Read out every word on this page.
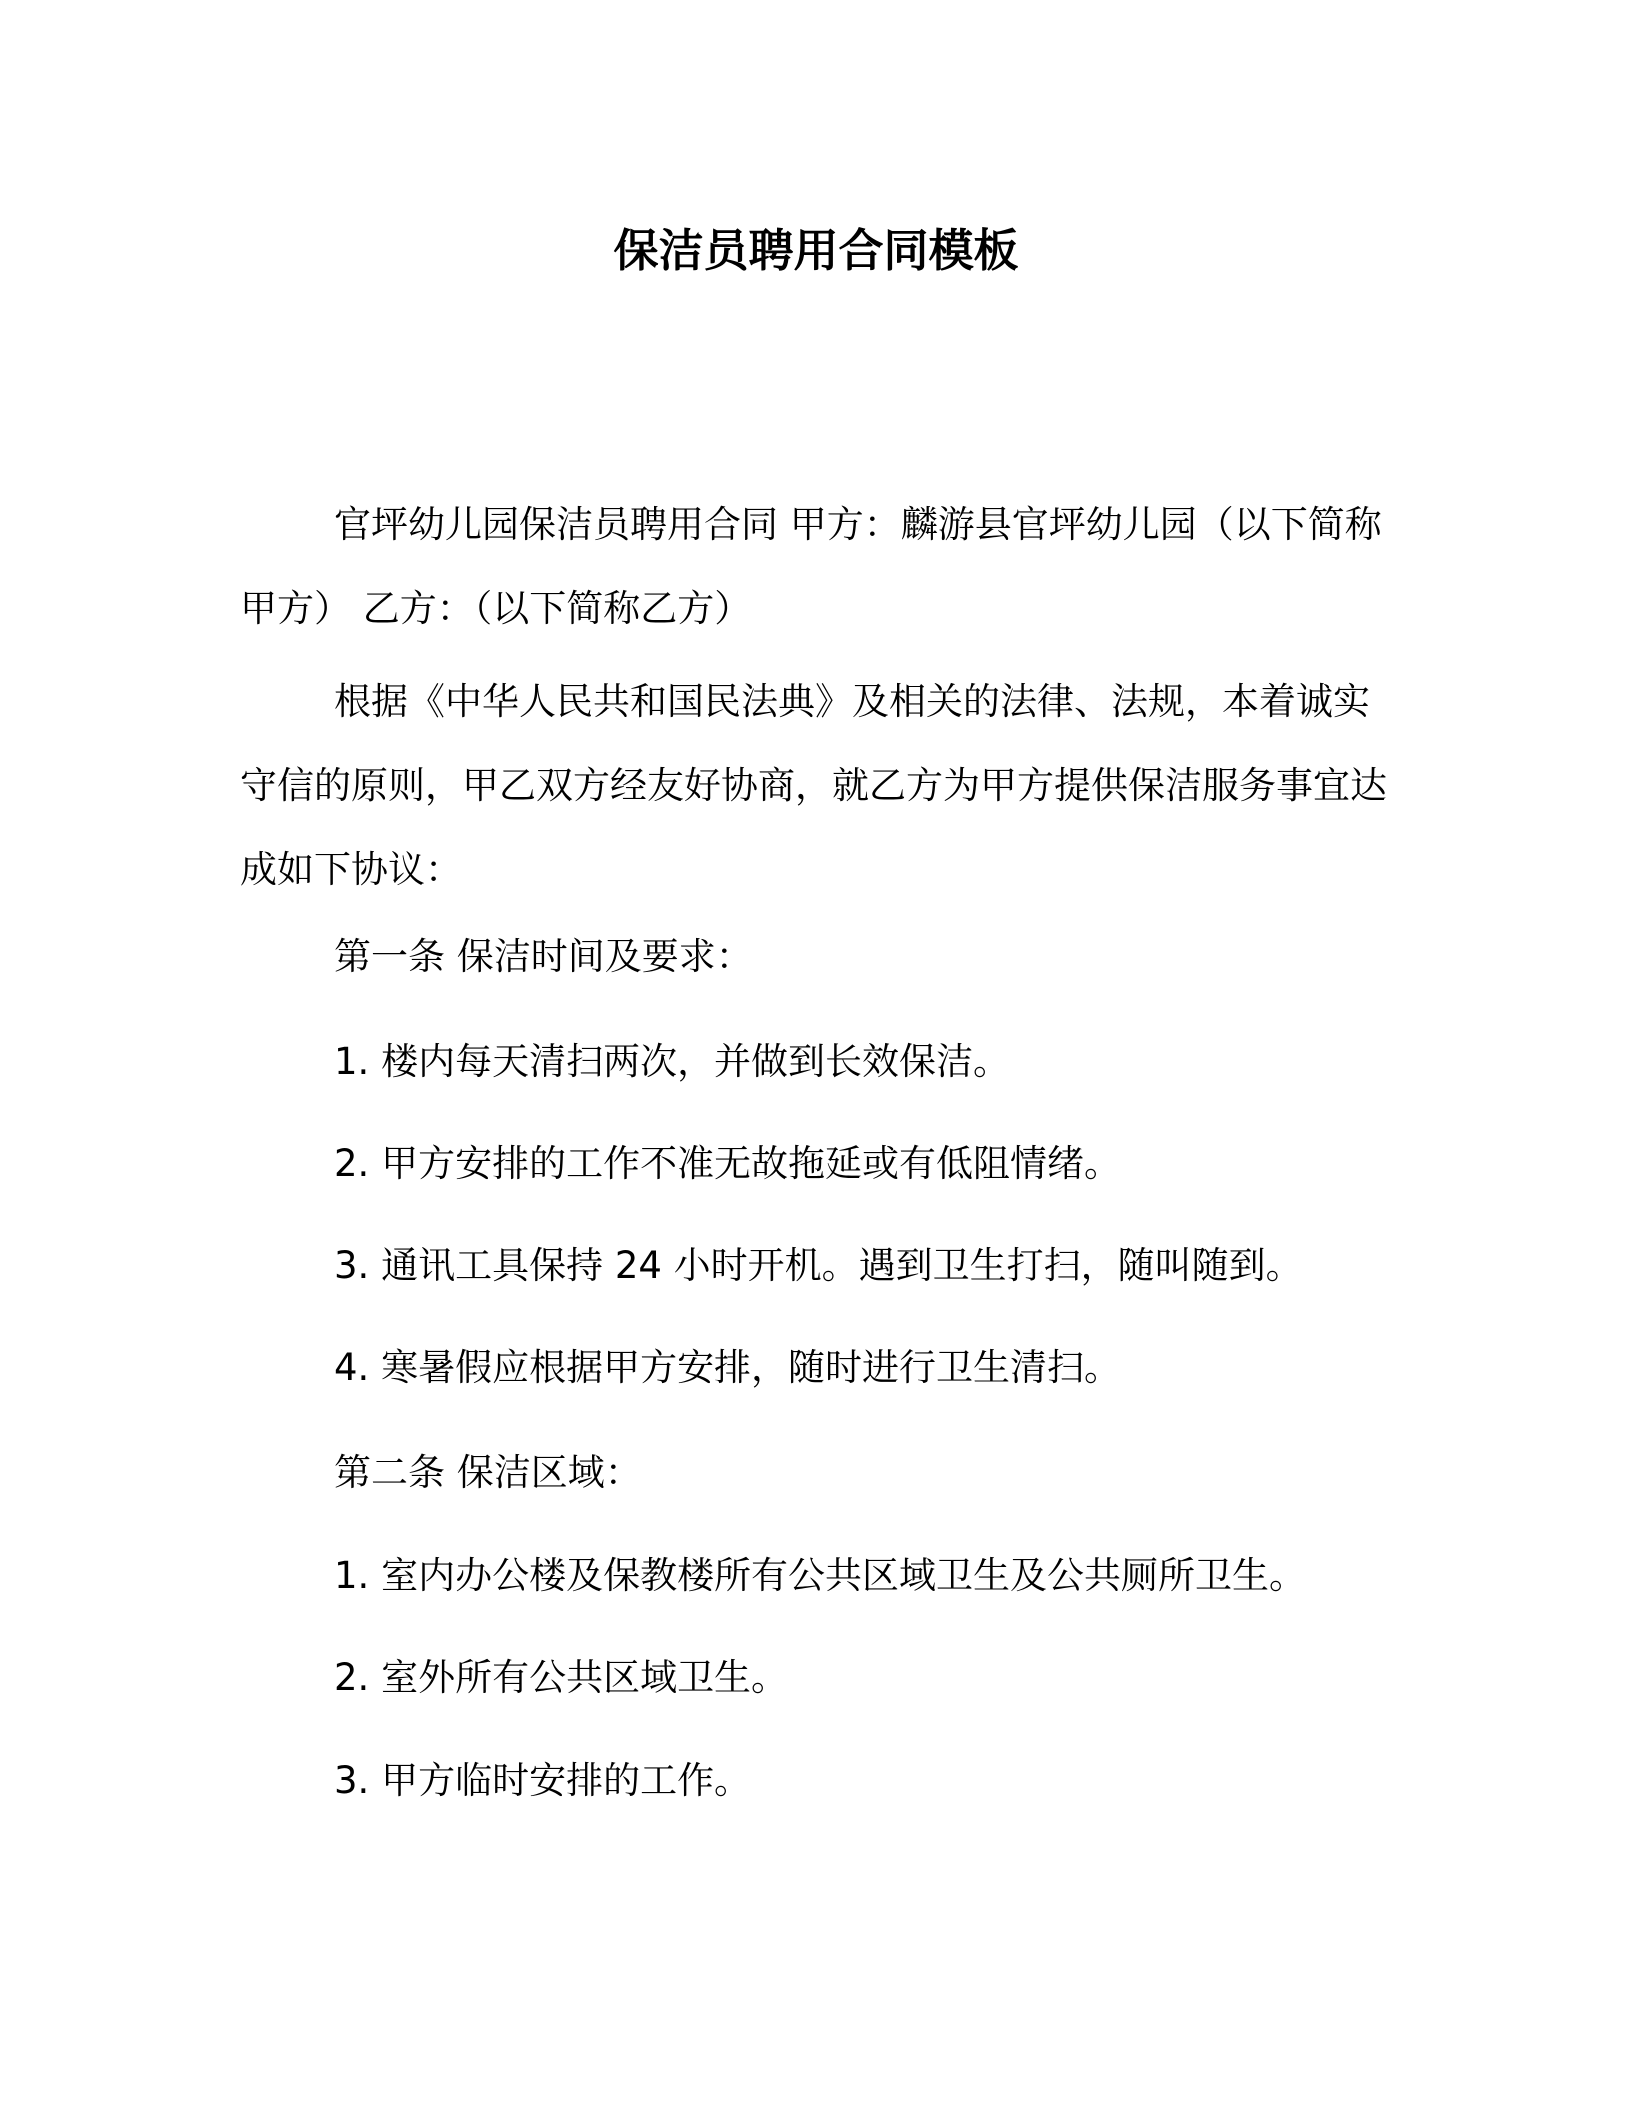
保洁员聘用合同模板

官坪幼儿园保洁员聘用合同 甲方：麟游县官坪幼儿园（以下简称甲方） 乙方：（以下简称乙方）

根据《中华人民共和国民法典》及相关的法律、法规，本着诚实守信的原则，甲乙双方经友好协商，就乙方为甲方提供保洁服务事宜达成如下协议：

第一条 保洁时间及要求：

1. 楼内每天清扫两次，并做到长效保洁。

2. 甲方安排的工作不准无故拖延或有低阻情绪。

3. 通讯工具保持 24 小时开机。遇到卫生打扫，随叫随到。

4. 寒暑假应根据甲方安排，随时进行卫生清扫。

第二条 保洁区域：

1. 室内办公楼及保教楼所有公共区域卫生及公共厕所卫生。

2. 室外所有公共区域卫生。

3. 甲方临时安排的工作。
